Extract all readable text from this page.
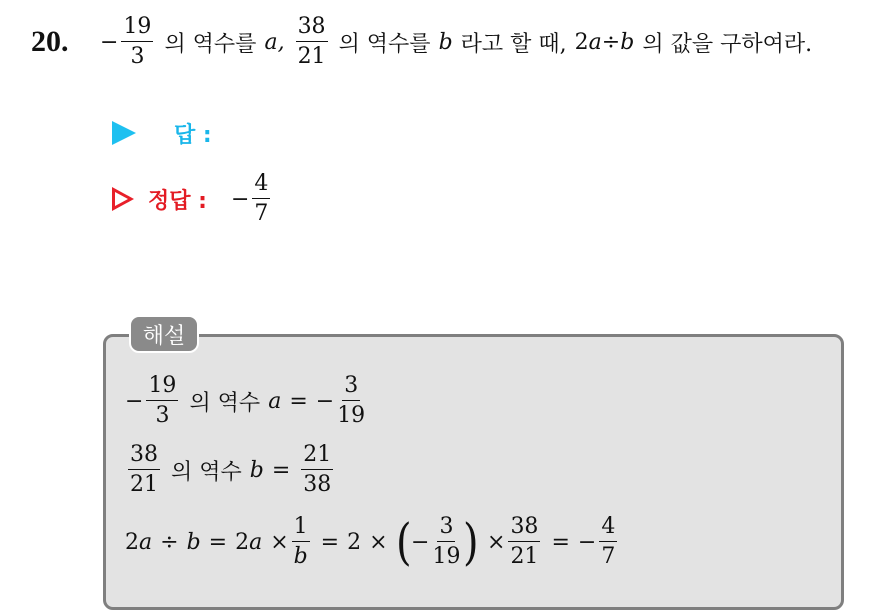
20. − $\frac{19}{3}$ 의 역수를 a, $\frac{38}{21}$ 의 역수를 b 라고 할 때, 2 a ÷ b 의 값을 구하여라.
답 :
정답 : − $\frac{4}{7}$
해설
− $\frac{19}{3}$ 의 역수 a = − $\frac{3}{19}$
$\frac{38}{21}$ 의 역수 $b = \frac{21}{38}$
2 a ÷ b = 2 $a \times \frac{1}{b} = 2$ × ( − $\frac{3}{19}$ ) × $\frac{38}{21}$ = − $\frac{4}{7}$
